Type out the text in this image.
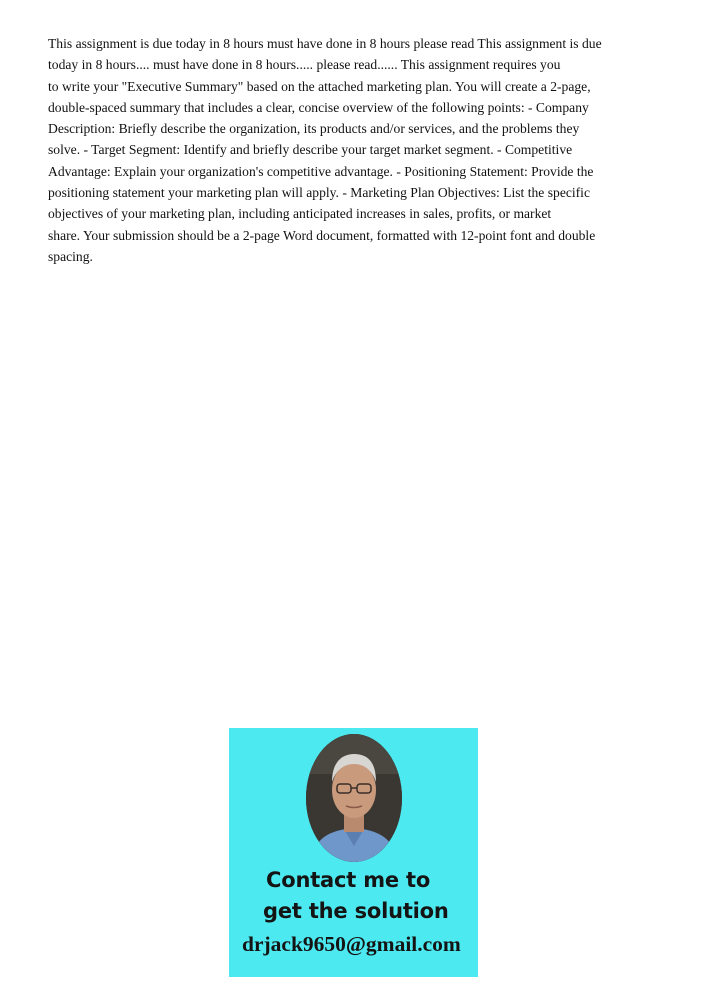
This assignment is due today in 8 hours must have done in 8 hours please read This assignment is due
today in 8 hours.... must have done in 8 hours..... please read...... This assignment requires you
to write your "Executive Summary" based on the attached marketing plan. You will create a 2-page,
double-spaced summary that includes a clear, concise overview of the following points: - Company
Description: Briefly describe the organization, its products and/or services, and the problems they
solve. - Target Segment: Identify and briefly describe your target market segment. - Competitive
Advantage: Explain your organization's competitive advantage. - Positioning Statement: Provide the
positioning statement your marketing plan will apply. - Marketing Plan Objectives: List the specific
objectives of your marketing plan, including anticipated increases in sales, profits, or market
share. Your submission should be a 2-page Word document, formatted with 12-point font and double
spacing.

Contact me to
get the solution
drjack9650@gmail.com
